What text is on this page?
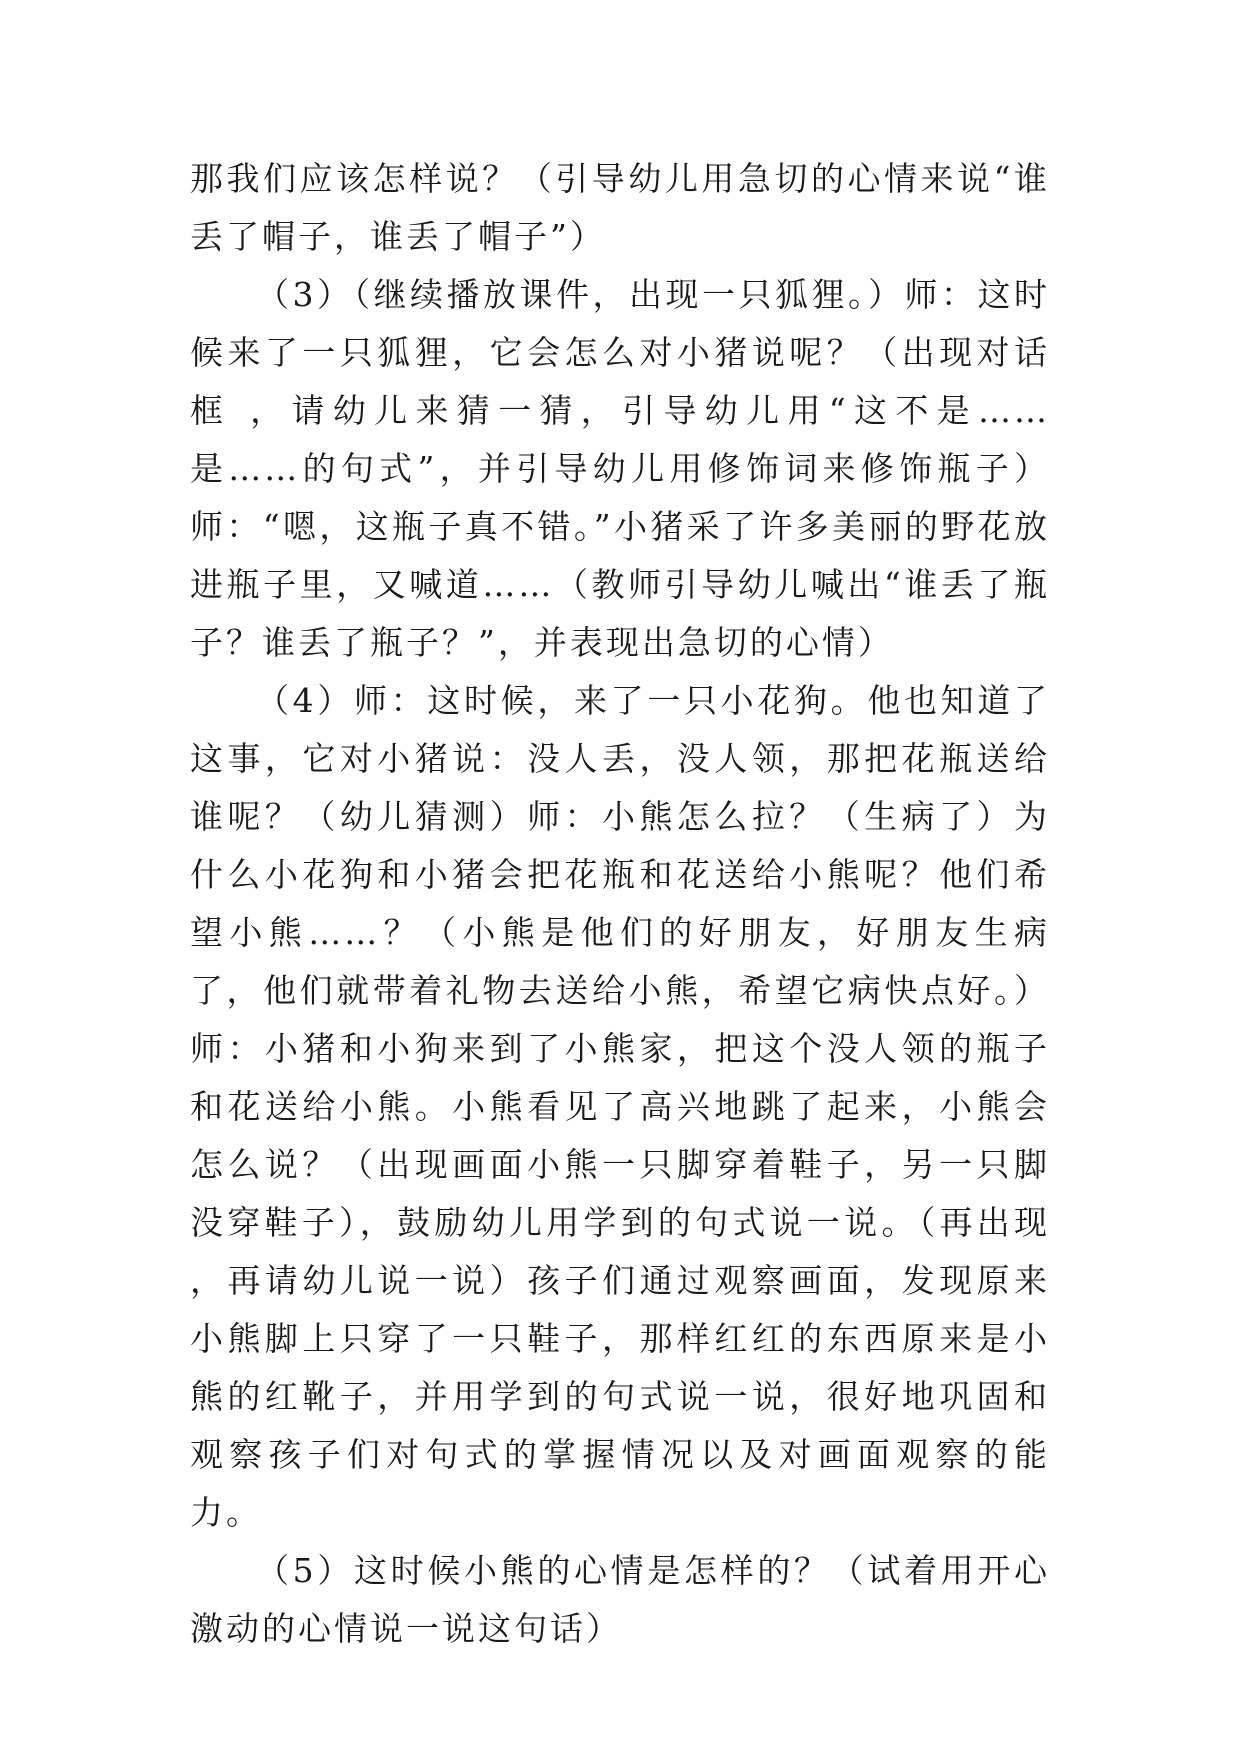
那我们应该怎样说？（引导幼儿用急切的心情来说“谁丢了帽子，谁丢了帽子”）

（3）（继续播放课件，出现一只狐狸。）师：这时候来了一只狐狸，它会怎么对小猪说呢？（出现对话框 ，请幼儿来猜一猜，引导幼儿用“这不是……是……的句式”，并引导幼儿用修饰词来修饰瓶子）师：“嗯，这瓶子真不错。”小猪采了许多美丽的野花放进瓶子里，又喊道……（教师引导幼儿喊出“谁丢了瓶子？谁丢了瓶子？”，并表现出急切的心情）

（4）师：这时候，来了一只小花狗。他也知道了这事，它对小猪说：没人丢，没人领，那把花瓶送给谁呢？（幼儿猜测）师：小熊怎么拉？（生病了）为什么小花狗和小猪会把花瓶和花送给小熊呢？他们希望小熊……？（小熊是他们的好朋友，好朋友生病了，他们就带着礼物去送给小熊，希望它病快点好。）师：小猪和小狗来到了小熊家，把这个没人领的瓶子和花送给小熊。小熊看见了高兴地跳了起来，小熊会怎么说？（出现画面小熊一只脚穿着鞋子，另一只脚没穿鞋子），鼓励幼儿用学到的句式说一说。（再出现 ，再请幼儿说一说）孩子们通过观察画面，发现原来小熊脚上只穿了一只鞋子，那样红红的东西原来是小熊的红靴子，并用学到的句式说一说，很好地巩固和观察孩子们对句式的掌握情况以及对画面观察的能力。

（5）这时候小熊的心情是怎样的？（试着用开心激动的心情说一说这句话）
